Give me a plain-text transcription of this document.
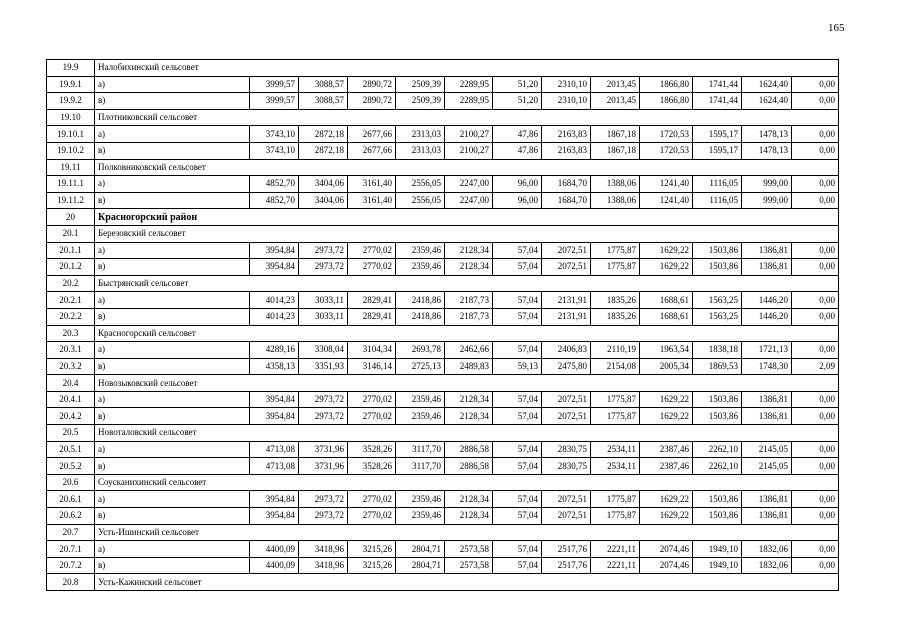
165
19.9	Налобихинский сельсовет												
19.9.1	а)	3999,57	3088,57	2890,72	2509,39	2289,95	51,20	2310,10	2013,45	1866,80	1741,44	1624,40	0,00
19.9.2	в)	3999,57	3088,57	2890,72	2509,39	2289,95	51,20	2310,10	2013,45	1866,80	1741,44	1624,40	0,00
19.10	Плотниковский сельсовет												
19.10.1	а)	3743,10	2872,18	2677,66	2313,03	2100,27	47,86	2163,83	1867,18	1720,53	1595,17	1478,13	0,00
19.10.2	в)	3743,10	2872,18	2677,66	2313,03	2100,27	47,86	2163,83	1867,18	1720,53	1595,17	1478,13	0,00
19.11	Полковниковский сельсовет												
19.11.1	а)	4852,70	3404,06	3161,40	2556,05	2247,00	96,00	1684,70	1388,06	1241,40	1116,05	999,00	0,00
19.11.2	в)	4852,70	3404,06	3161,40	2556,05	2247,00	96,00	1684,70	1388,06	1241,40	1116,05	999,00	0,00
20	Красногорский район												
20.1	Березовский сельсовет												
20.1.1	а)	3954,84	2973,72	2770,02	2359,46	2128,34	57,04	2072,51	1775,87	1629,22	1503,86	1386,81	0,00
20.1.2	в)	3954,84	2973,72	2770,02	2359,46	2128,34	57,04	2072,51	1775,87	1629,22	1503,86	1386,81	0,00
20.2	Быстрянский сельсовет												
20.2.1	а)	4014,23	3033,11	2829,41	2418,86	2187,73	57,04	2131,91	1835,26	1688,61	1563,25	1446,20	0,00
20.2.2	в)	4014,23	3033,11	2829,41	2418,86	2187,73	57,04	2131,91	1835,26	1688,61	1563,25	1446,20	0,00
20.3	Красногорский сельсовет												
20.3.1	а)	4289,16	3308,04	3104,34	2693,78	2462,66	57,04	2406,83	2110,19	1963,54	1838,18	1721,13	0,00
20.3.2	в)	4358,13	3351,93	3146,14	2725,13	2489,83	59,13	2475,80	2154,08	2005,34	1869,53	1748,30	2,09
20.4	Новозыковский сельсовет												
20.4.1	а)	3954,84	2973,72	2770,02	2359,46	2128,34	57,04	2072,51	1775,87	1629,22	1503,86	1386,81	0,00
20.4.2	в)	3954,84	2973,72	2770,02	2359,46	2128,34	57,04	2072,51	1775,87	1629,22	1503,86	1386,81	0,00
20.5	Новоталовский сельсовет												
20.5.1	а)	4713,08	3731,96	3528,26	3117,70	2886,58	57,04	2830,75	2534,11	2387,46	2262,10	2145,05	0,00
20.5.2	в)	4713,08	3731,96	3528,26	3117,70	2886,58	57,04	2830,75	2534,11	2387,46	2262,10	2145,05	0,00
20.6	Соусканихинский сельсовет												
20.6.1	а)	3954,84	2973,72	2770,02	2359,46	2128,34	57,04	2072,51	1775,87	1629,22	1503,86	1386,81	0,00
20.6.2	в)	3954,84	2973,72	2770,02	2359,46	2128,34	57,04	2072,51	1775,87	1629,22	1503,86	1386,81	0,00
20.7	Усть-Ишинский сельсовет												
20.7.1	а)	4400,09	3418,96	3215,26	2804,71	2573,58	57,04	2517,76	2221,11	2074,46	1949,10	1832,06	0,00
20.7.2	в)	4400,09	3418,96	3215,26	2804,71	2573,58	57,04	2517,76	2221,11	2074,46	1949,10	1832,06	0,00
20.8	Усть-Кажинский сельсовет												
